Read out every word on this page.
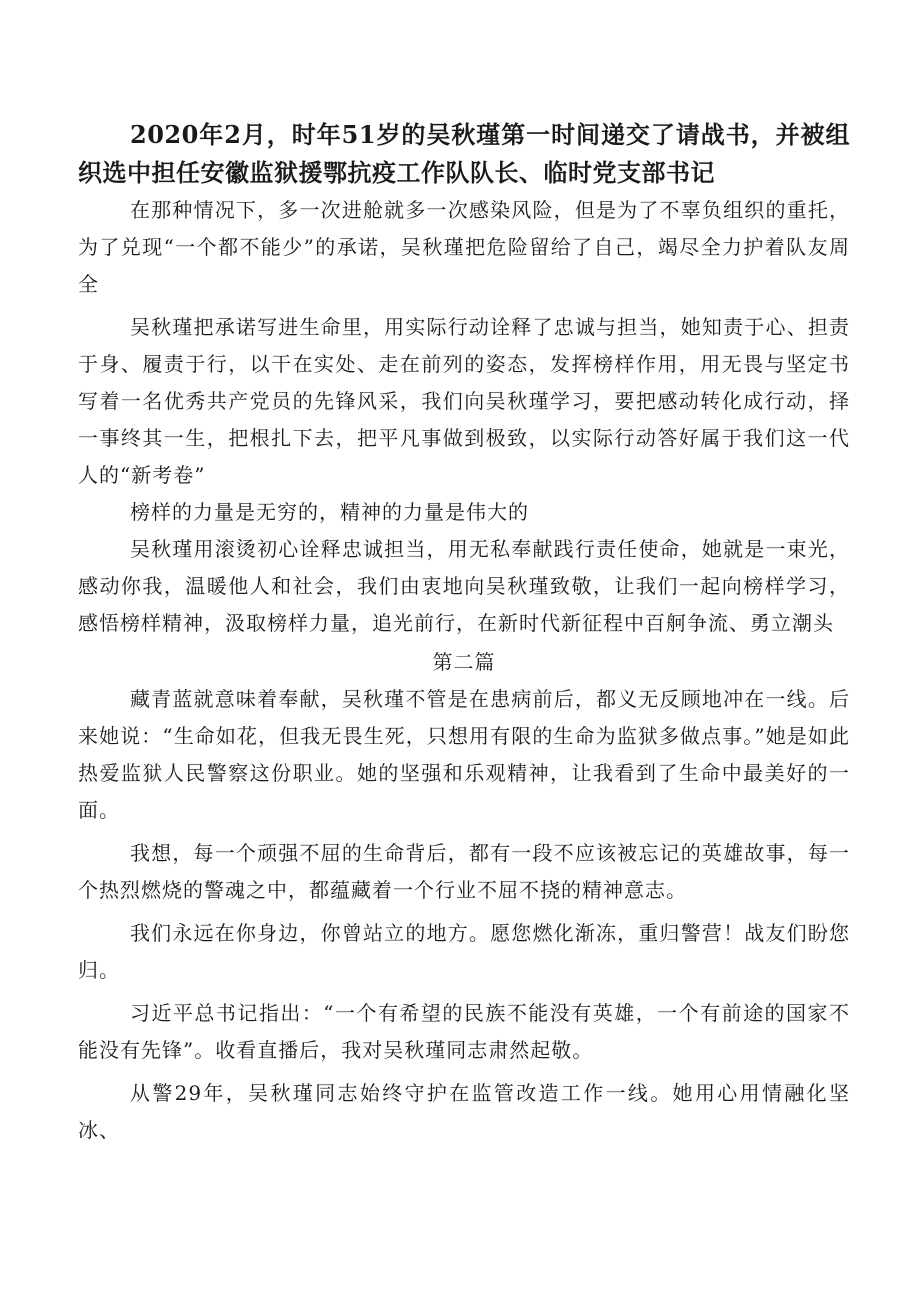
2020年2月，时年51岁的吴秋瑾第一时间递交了请战书，并被组织选中担任安徽监狱援鄂抗疫工作队队长、临时党支部书记

在那种情况下，多一次进舱就多一次感染风险，但是为了不辜负组织的重托，为了兑现“一个都不能少”的承诺，吴秋瑾把危险留给了自己，竭尽全力护着队友周全

吴秋瑾把承诺写进生命里，用实际行动诠释了忠诚与担当，她知责于心、担责于身、履责于行，以干在实处、走在前列的姿态，发挥榜样作用，用无畏与坚定书写着一名优秀共产党员的先锋风采，我们向吴秋瑾学习，要把感动转化成行动，择一事终其一生，把根扎下去，把平凡事做到极致，以实际行动答好属于我们这一代人的“新考卷”

榜样的力量是无穷的，精神的力量是伟大的

吴秋瑾用滚烫初心诠释忠诚担当，用无私奉献践行责任使命，她就是一束光，感动你我，温暖他人和社会，我们由衷地向吴秋瑾致敬，让我们一起向榜样学习，感悟榜样精神，汲取榜样力量，追光前行，在新时代新征程中百舸争流、勇立潮头

第二篇

藏青蓝就意味着奉献，吴秋瑾不管是在患病前后，都义无反顾地冲在一线。后来她说：“生命如花，但我无畏生死，只想用有限的生命为监狱多做点事。”她是如此热爱监狱人民警察这份职业。她的坚强和乐观精神，让我看到了生命中最美好的一面。

我想，每一个顽强不屈的生命背后，都有一段不应该被忘记的英雄故事，每一个热烈燃烧的警魂之中，都蕴藏着一个行业不屈不挠的精神意志。

我们永远在你身边，你曾站立的地方。愿您燃化渐冻，重归警营！战友们盼您归。

习近平总书记指出：“一个有希望的民族不能没有英雄，一个有前途的国家不能没有先锋”。收看直播后，我对吴秋瑾同志肃然起敬。

从警29年，吴秋瑾同志始终守护在监管改造工作一线。她用心用情融化坚冰、
